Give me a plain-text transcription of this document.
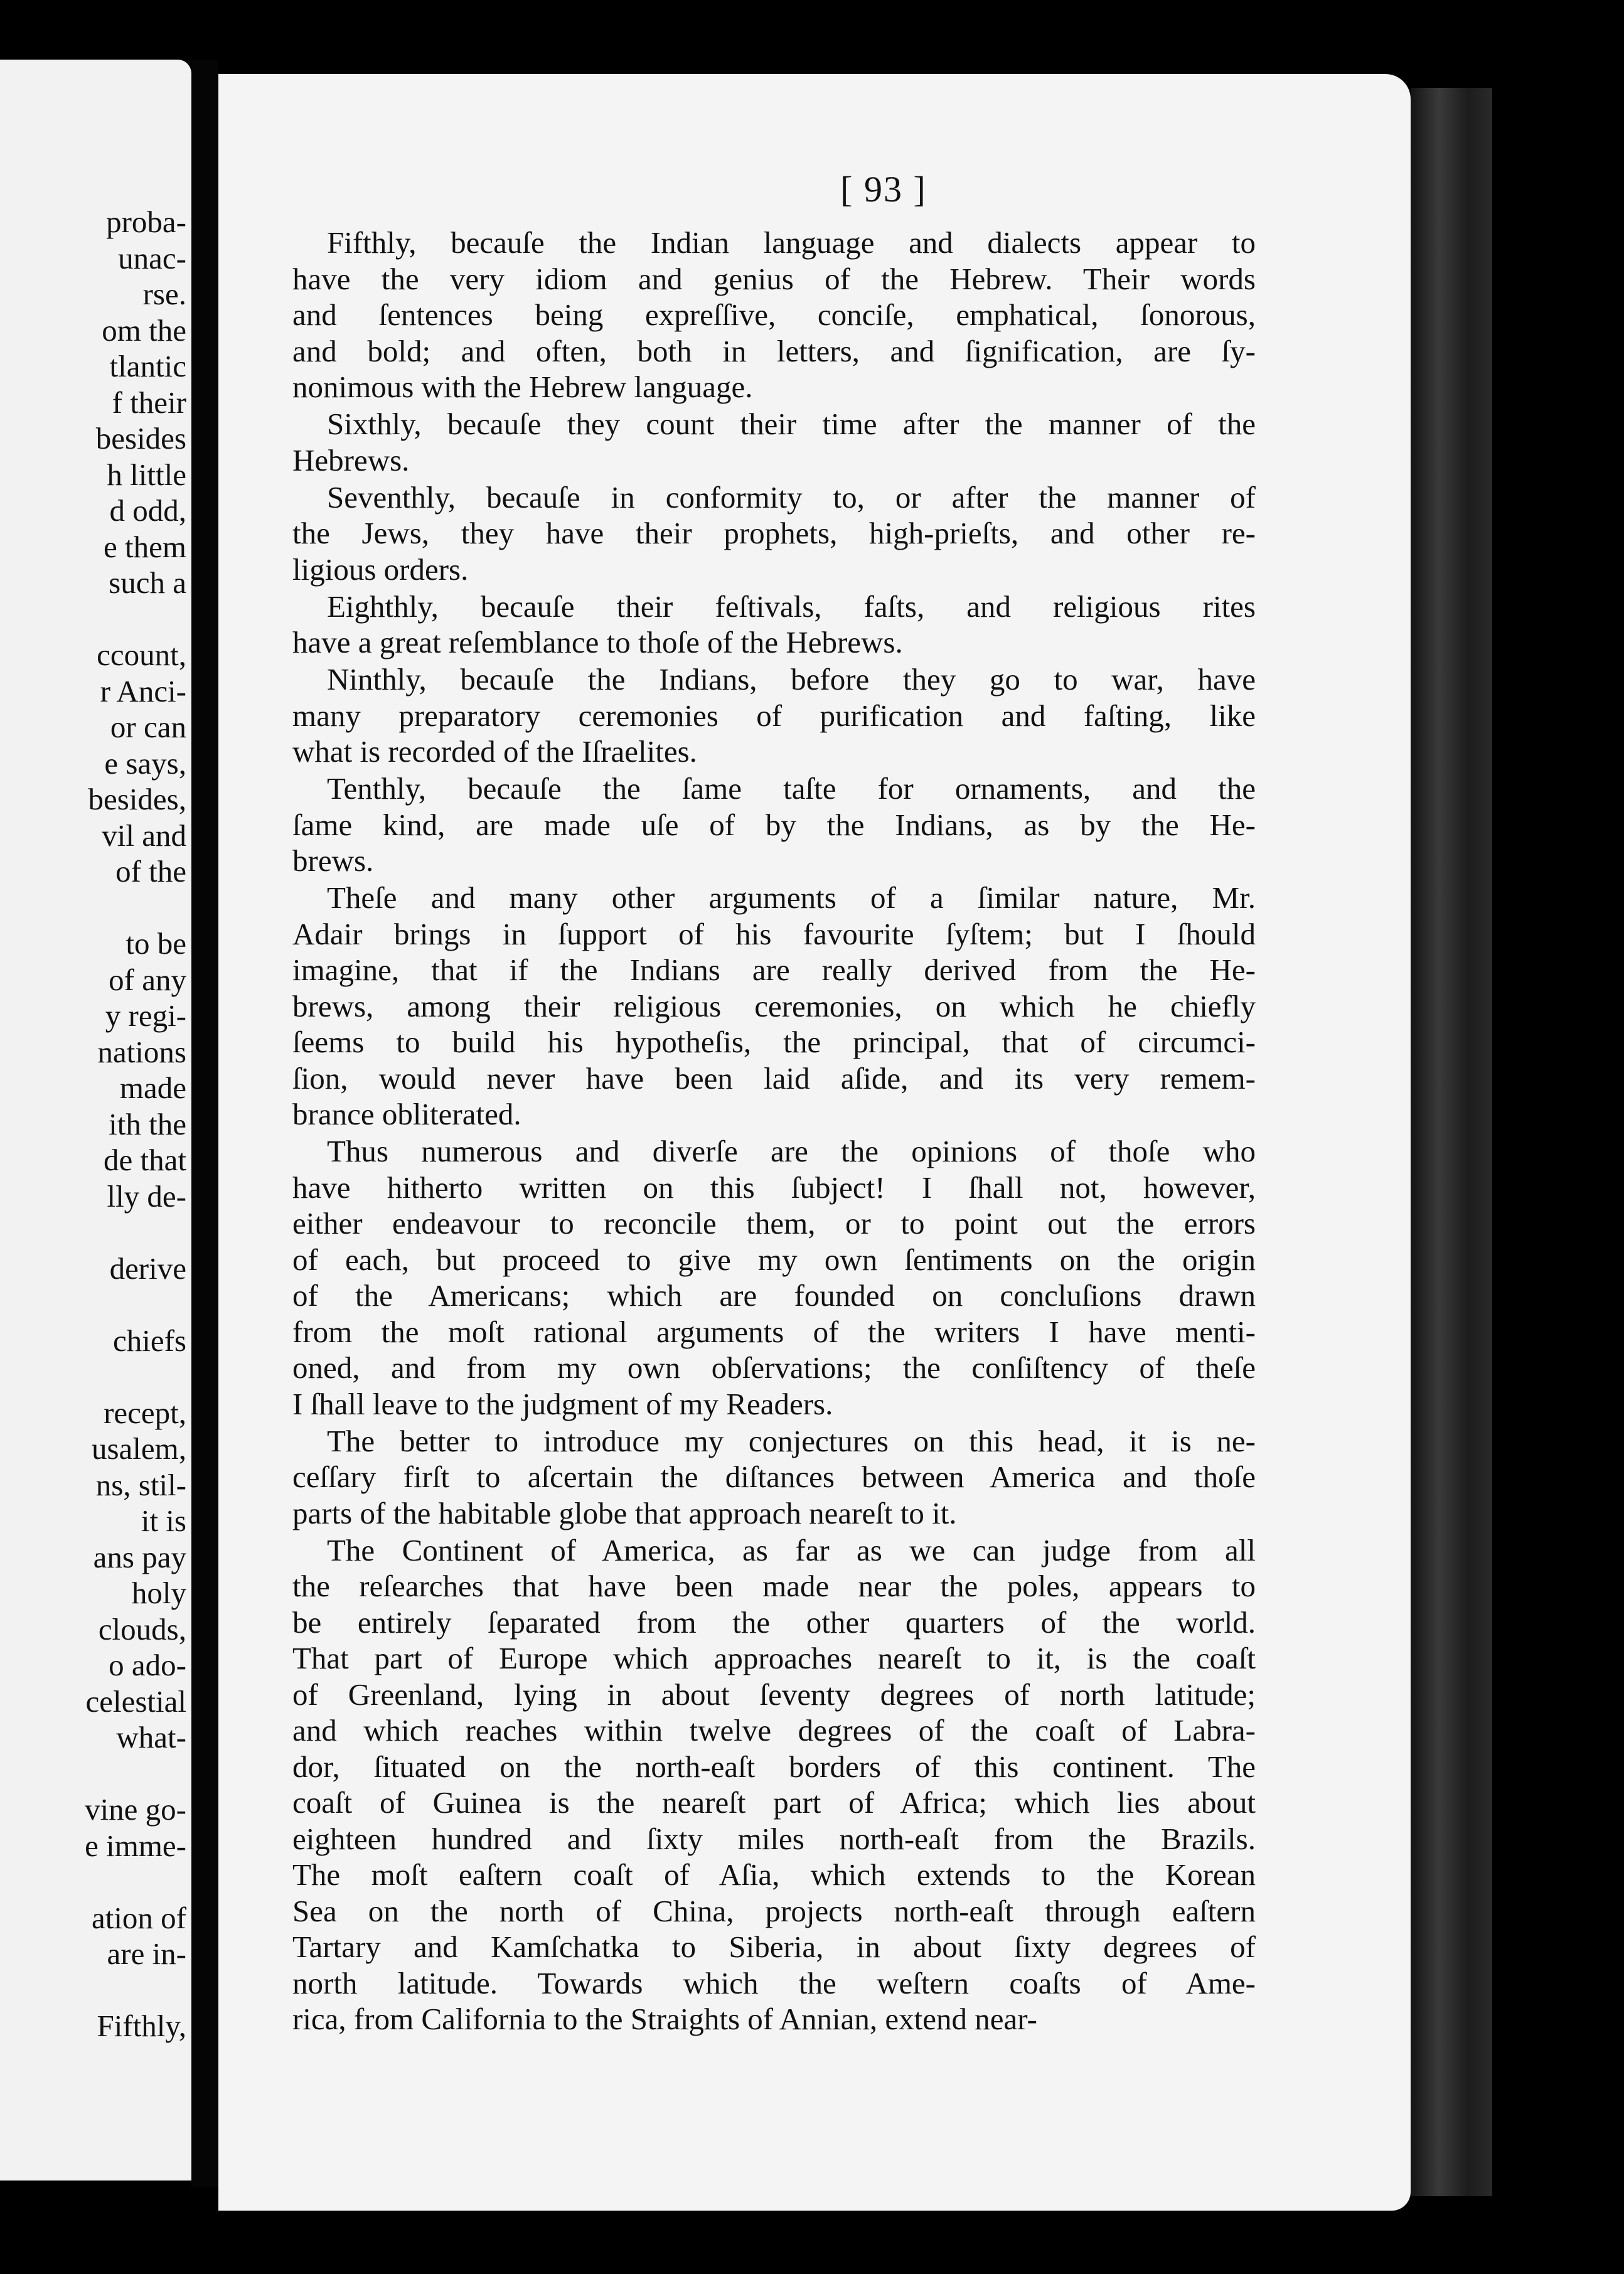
proba-
unac-
rse.
om the
tlantic
f their
besides
h little
d odd,
e them
such a

ccount,
r Anci-
or can
e says,
besides,
vil and
of the

to be
of any
y regi-
nations
made
ith the
de that
lly de-

derive

chiefs

recept,
usalem,
ns, stil-
it is
ans pay
holy
clouds,
o ado-
celestial
what-

vine go-
e imme-

ation of
are in-

Fifthly,
[ 93 ]
Fifthly, becauſe the Indian language and dialects appear to
have the very idiom and genius of the Hebrew. Their words
and ſentences being expreſſive, conciſe, emphatical, ſonorous,
and bold; and often, both in letters, and ſignification, are ſy-
nonimous with the Hebrew language.
Sixthly, becauſe they count their time after the manner of the
Hebrews.
Seventhly, becauſe in conformity to, or after the manner of
the Jews, they have their prophets, high-prieſts, and other re-
ligious orders.
Eighthly, becauſe their feſtivals, faſts, and religious rites
have a great reſemblance to thoſe of the Hebrews.
Ninthly, becauſe the Indians, before they go to war, have
many preparatory ceremonies of purification and faſting, like
what is recorded of the Iſraelites.
Tenthly, becauſe the ſame taſte for ornaments, and the
ſame kind, are made uſe of by the Indians, as by the He-
brews.
Theſe and many other arguments of a ſimilar nature, Mr.
Adair brings in ſupport of his favourite ſyſtem; but I ſhould
imagine, that if the Indians are really derived from the He-
brews, among their religious ceremonies, on which he chiefly
ſeems to build his hypotheſis, the principal, that of circumci-
ſion, would never have been laid aſide, and its very remem-
brance obliterated.
Thus numerous and diverſe are the opinions of thoſe who
have hitherto written on this ſubject! I ſhall not, however,
either endeavour to reconcile them, or to point out the errors
of each, but proceed to give my own ſentiments on the origin
of the Americans; which are founded on concluſions drawn
from the moſt rational arguments of the writers I have menti-
oned, and from my own obſervations; the conſiſtency of theſe
I ſhall leave to the judgment of my Readers.
The better to introduce my conjectures on this head, it is ne-
ceſſary firſt to aſcertain the diſtances between America and thoſe
parts of the habitable globe that approach neareſt to it.
The Continent of America, as far as we can judge from all
the reſearches that have been made near the poles, appears to
be entirely ſeparated from the other quarters of the world.
That part of Europe which approaches neareſt to it, is the coaſt
of Greenland, lying in about ſeventy degrees of north latitude;
and which reaches within twelve degrees of the coaſt of Labra-
dor, ſituated on the north-eaſt borders of this continent. The
coaſt of Guinea is the neareſt part of Africa; which lies about
eighteen hundred and ſixty miles north-eaſt from the Brazils.
The moſt eaſtern coaſt of Aſia, which extends to the Korean
Sea on the north of China, projects north-eaſt through eaſtern
Tartary and Kamſchatka to Siberia, in about ſixty degrees of
north latitude. Towards which the weſtern coaſts of Ame-
rica, from California to the Straights of Annian, extend near-
